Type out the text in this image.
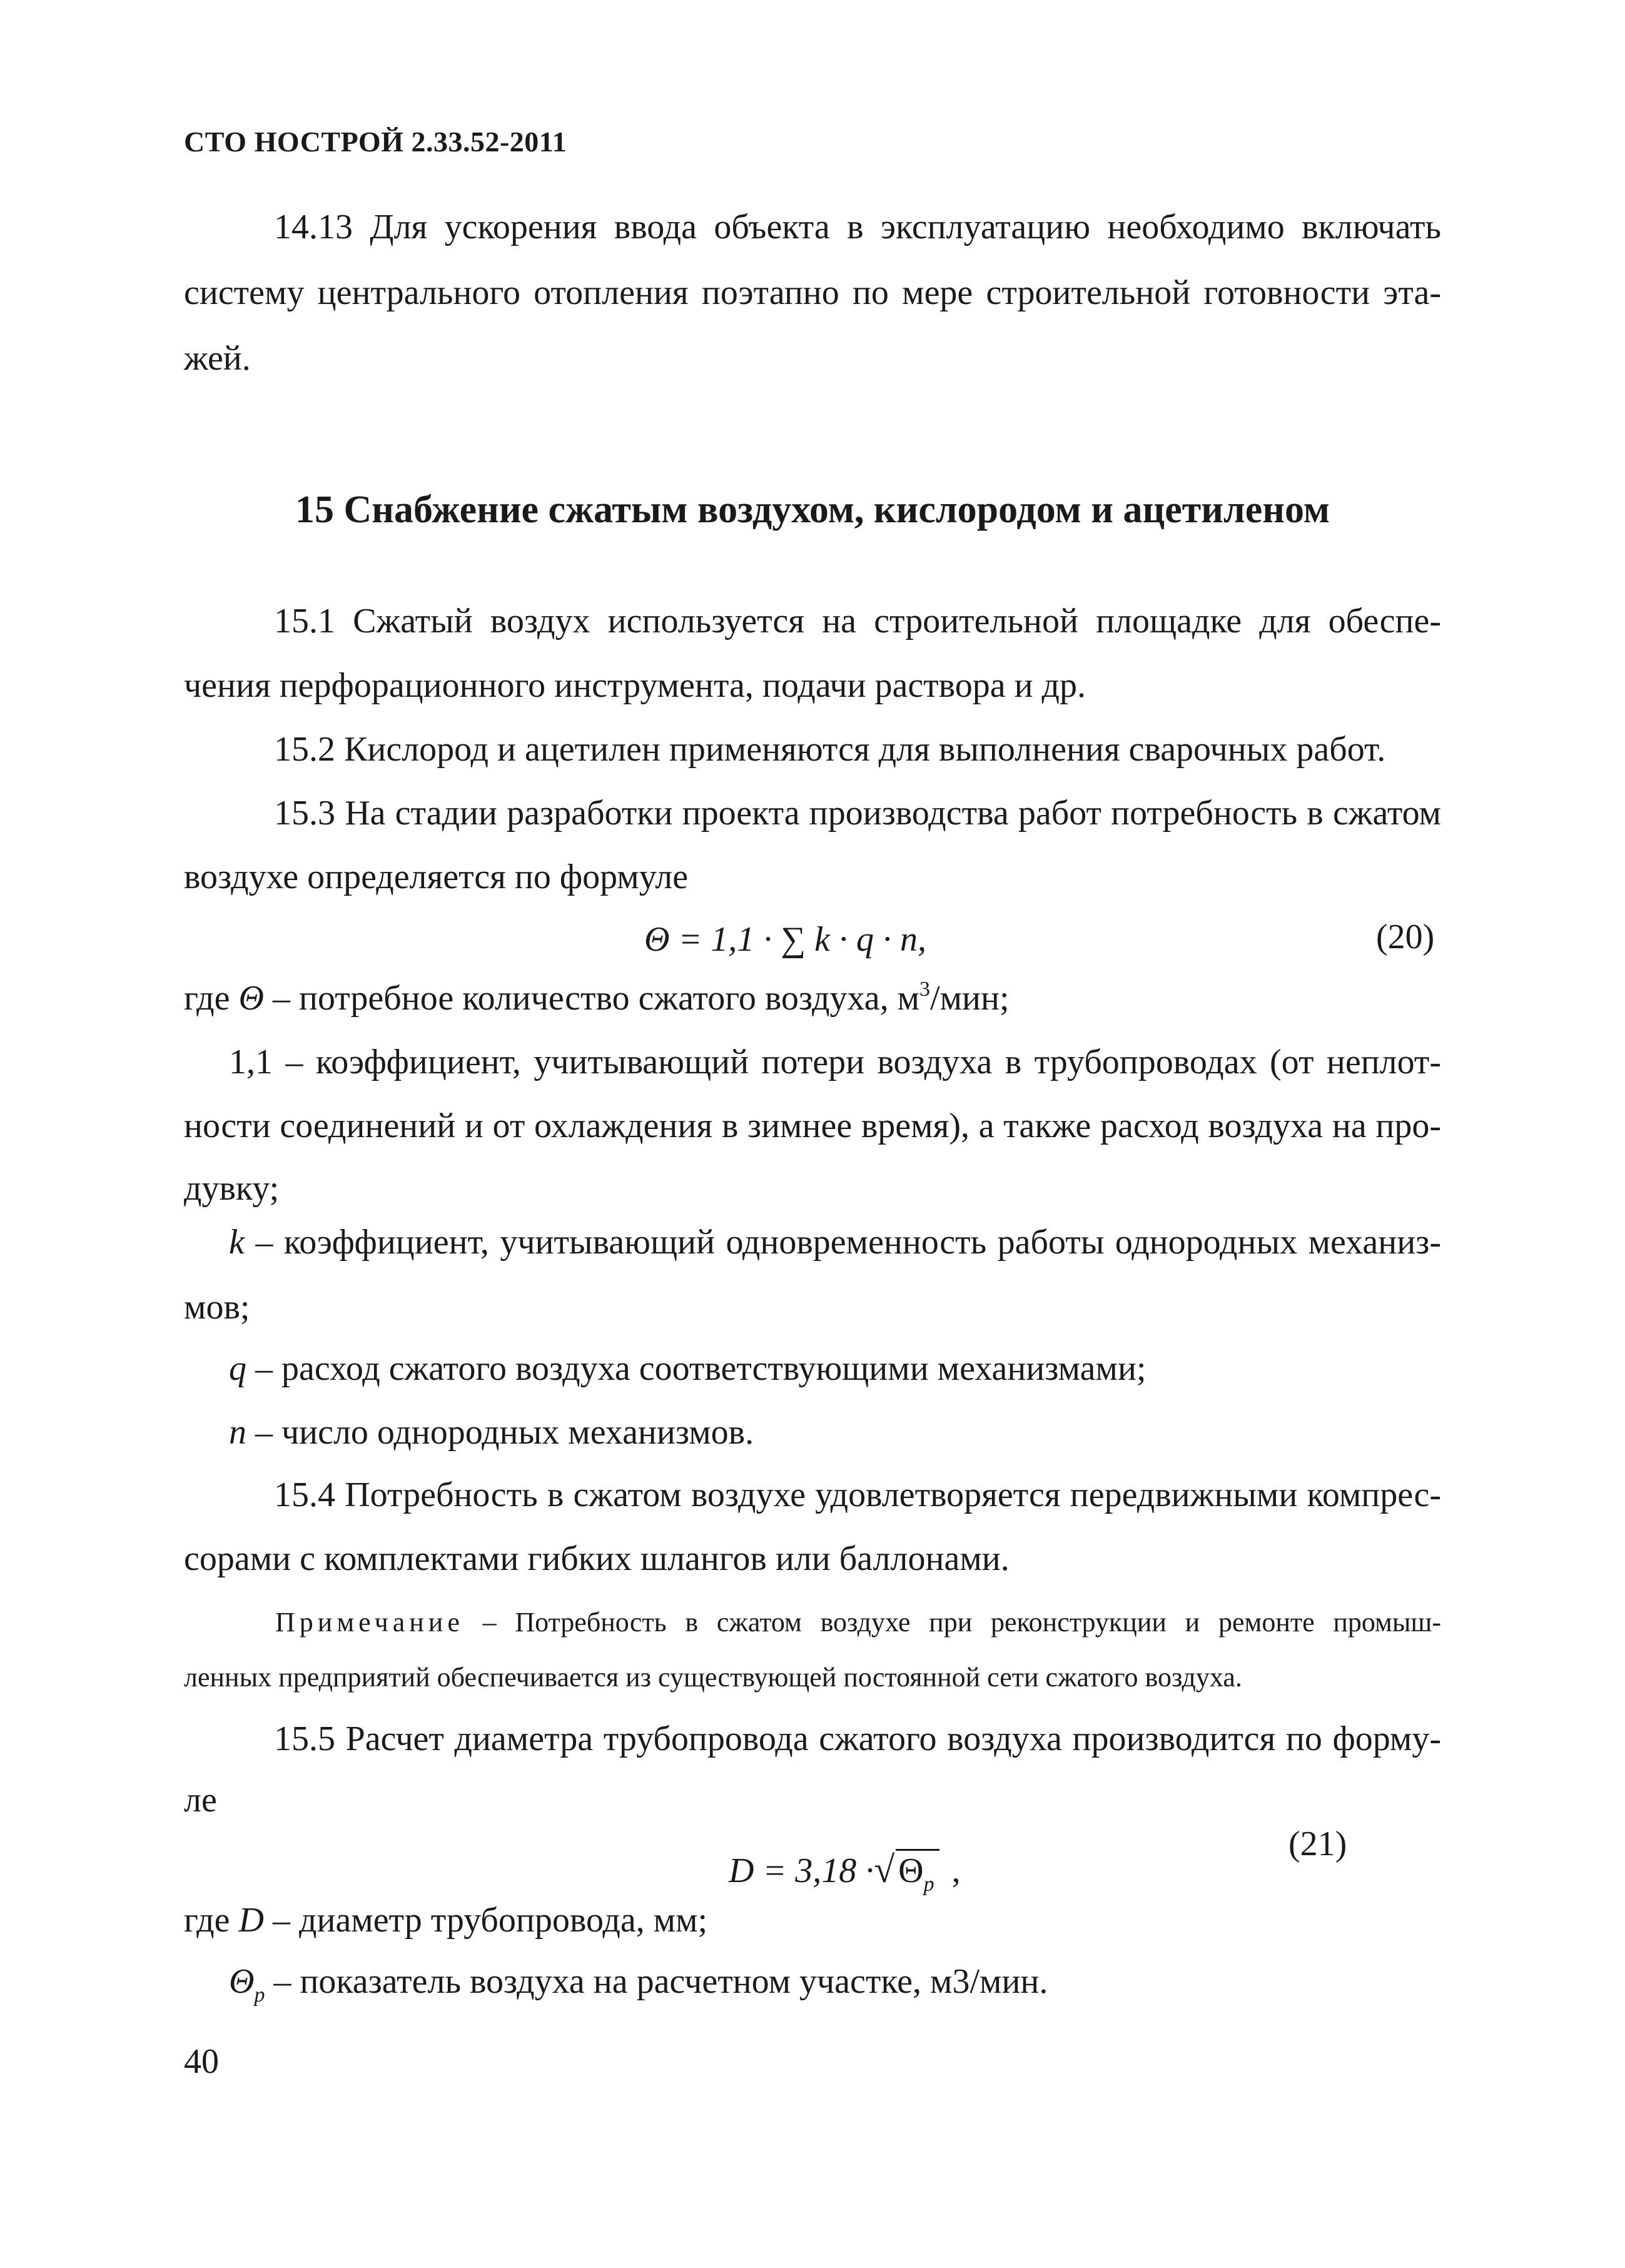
СТО НОСТРОЙ 2.33.52-2011
14.13 Для ускорения ввода объекта в эксплуатацию необходимо включать
систему центрального отопления поэтапно по мере строительной готовности эта-
жей.
15 Снабжение сжатым воздухом, кислородом и ацетиленом
15.1 Сжатый воздух используется на строительной площадке для обеспе-
чения перфорационного инструмента, подачи раствора и др.
15.2 Кислород и ацетилен применяются для выполнения сварочных работ.
15.3 На стадии разработки проекта производства работ потребность в сжатом
воздухе определяется по формуле
Θ = 1,1 · ∑ k · q · n,	(20)
где Θ – потребное количество сжатого воздуха, $м^3$/мин;
1,1 – коэффициент, учитывающий потери воздуха в трубопроводах (от неплот-
ности соединений и от охлаждения в зимнее время), а также расход воздуха на про-
дувку;
k – коэффициент, учитывающий одновременность работы однородных механиз-
мов;
q – расход сжатого воздуха соответствующими механизмами;
n – число однородных механизмов.
15.4 Потребность в сжатом воздухе удовлетворяется передвижными компрес-
сорами с комплектами гибких шлангов или баллонами.
Примечание – Потребность в сжатом воздухе при реконструкции и ремонте промыш-
ленных предприятий обеспечивается из существующей постоянной сети сжатого воздуха.
15.5 Расчет диаметра трубопровода сжатого воздуха производится по форму-
ле
D = 3,18 ·√ $\Theta_p$ ,
(21)
где D – диаметр трубопровода, мм;
$\Theta_p$ – показатель воздуха на расчетном участке, м3/мин.
40
